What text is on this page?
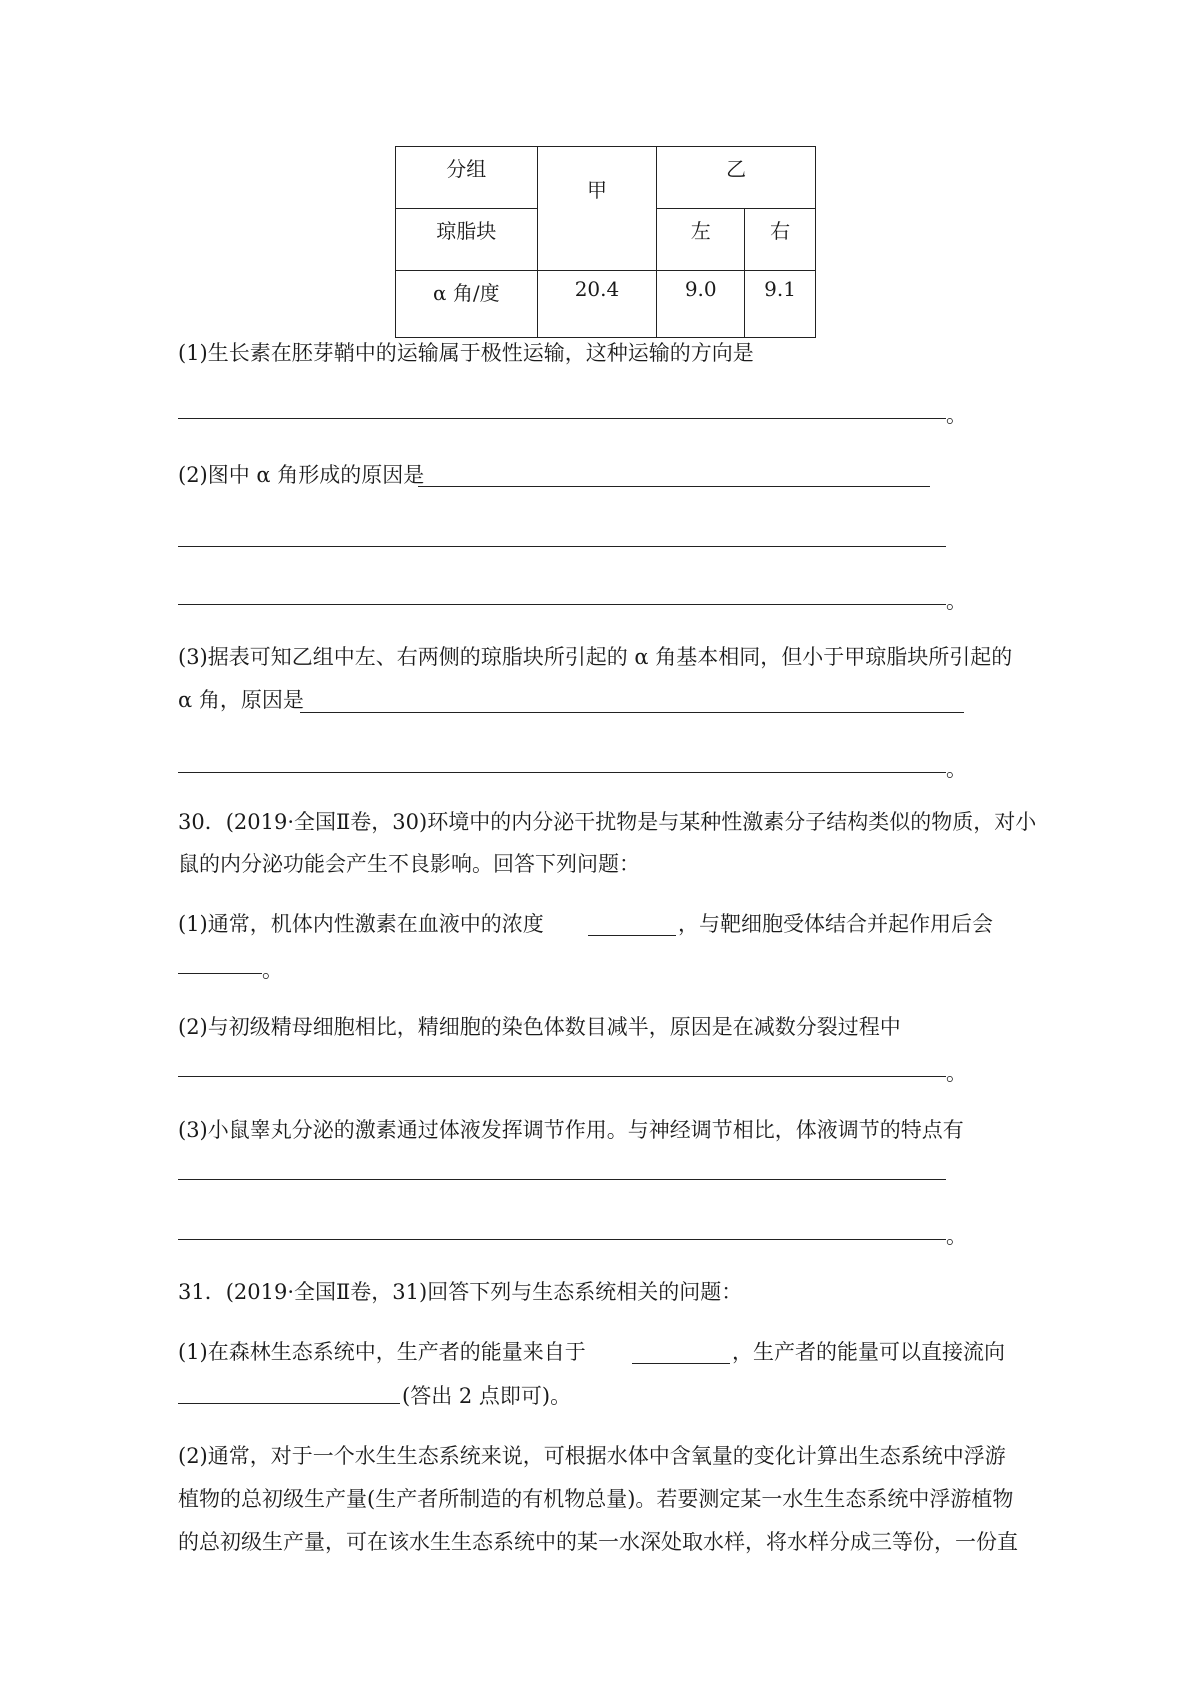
分组	甲	乙	
琼脂块		左	右
α 角/度	20.4	9.0	9.1
(1)生长素在胚芽鞘中的运输属于极性运输，这种运输的方向是
。
(2)图中 α 角形成的原因是
。
(3)据表可知乙组中左、右两侧的琼脂块所引起的 α 角基本相同，但小于甲琼脂块所引起的
α 角，原因是
。
30．(2019·全国Ⅱ卷，30)环境中的内分泌干扰物是与某种性激素分子结构类似的物质，对小
鼠的内分泌功能会产生不良影响。回答下列问题：
(1)通常，机体内性激素在血液中的浓度	，与靶细胞受体结合并起作用后会
。
(2)与初级精母细胞相比，精细胞的染色体数目减半，原因是在减数分裂过程中
。
(3)小鼠睾丸分泌的激素通过体液发挥调节作用。与神经调节相比，体液调节的特点有
。
31．(2019·全国Ⅱ卷，31)回答下列与生态系统相关的问题：
(1)在森林生态系统中，生产者的能量来自于	，生产者的能量可以直接流向
(答出 2 点即可)。
(2)通常，对于一个水生生态系统来说，可根据水体中含氧量的变化计算出生态系统中浮游
植物的总初级生产量(生产者所制造的有机物总量)。若要测定某一水生生态系统中浮游植物
的总初级生产量，可在该水生生态系统中的某一水深处取水样，将水样分成三等份，一份直
